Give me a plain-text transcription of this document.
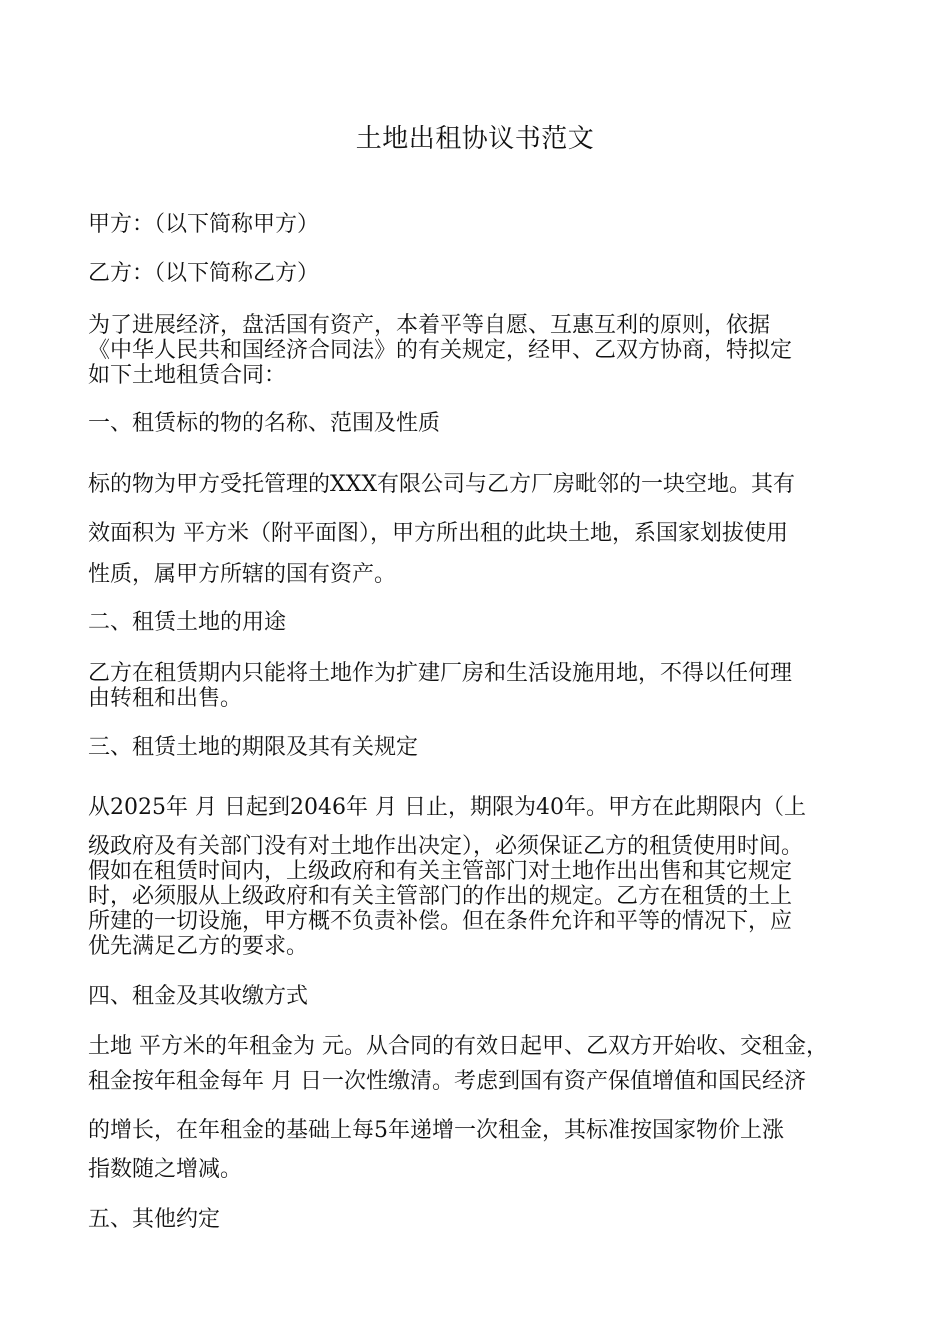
土地出租协议书范文
甲方：（以下简称甲方）
乙方：（以下简称乙方）
为了进展经济，盘活国有资产，本着平等自愿、互惠互利的原则，依据
《中华人民共和国经济合同法》的有关规定，经甲、乙双方协商，特拟定
如下土地租赁合同：
一、租赁标的物的名称、范围及性质
标的物为甲方受托管理的XXX有限公司与乙方厂房毗邻的一块空地。其有
效面积为 平方米（附平面图），甲方所出租的此块土地，系国家划拔使用
性质，属甲方所辖的国有资产。
二、租赁土地的用途
乙方在租赁期内只能将土地作为扩建厂房和生活设施用地，不得以任何理
由转租和出售。
三、租赁土地的期限及其有关规定
从2025年 月 日起到2046年 月 日止，期限为40年。甲方在此期限内（上
级政府及有关部门没有对土地作出决定），必须保证乙方的租赁使用时间。
假如在租赁时间内，上级政府和有关主管部门对土地作出出售和其它规定
时，必须服从上级政府和有关主管部门的作出的规定。乙方在租赁的土上
所建的一切设施，甲方概不负责补偿。但在条件允许和平等的情况下，应
优先满足乙方的要求。
四、租金及其收缴方式
土地 平方米的年租金为 元。从合同的有效日起甲、乙双方开始收、交租金，
租金按年租金每年 月 日一次性缴清。考虑到国有资产保值增值和国民经济
的增长，在年租金的基础上每5年递增一次租金，其标准按国家物价上涨
指数随之增减。
五、其他约定
